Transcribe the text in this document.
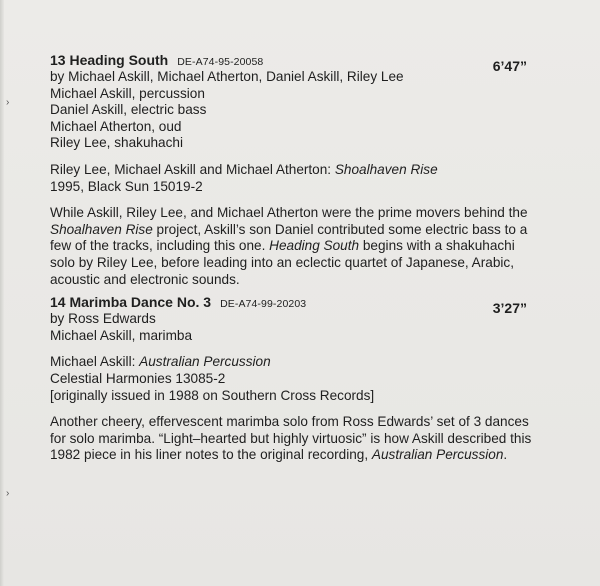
›
›
13 Heading South DE-A74-95-20058	6’47”
by Michael Askill, Michael Atherton, Daniel Askill, Riley Lee
Michael Askill, percussion
Daniel Askill, electric bass
Michael Atherton, oud
Riley Lee, shakuhachi
Riley Lee, Michael Askill and Michael Atherton: Shoalhaven Rise
1995, Black Sun 15019-2
While Askill, Riley Lee, and Michael Atherton were the prime movers behind the Shoalhaven Rise project, Askill’s son Daniel contributed some electric bass to a few of the tracks, including this one. Heading South begins with a shakuhachi solo by Riley Lee, before leading into an eclectic quartet of Japanese, Arabic, acoustic and electronic sounds.
14 Marimba Dance No. 3 DE-A74-99-20203	3’27”
by Ross Edwards
Michael Askill, marimba
Michael Askill: Australian Percussion
Celestial Harmonies 13085-2
[originally issued in 1988 on Southern Cross Records]
Another cheery, effervescent marimba solo from Ross Edwards’ set of 3 dances for solo marimba. “Light–hearted but highly virtuosic” is how Askill described this 1982 piece in his liner notes to the original recording, Australian Percussion.
